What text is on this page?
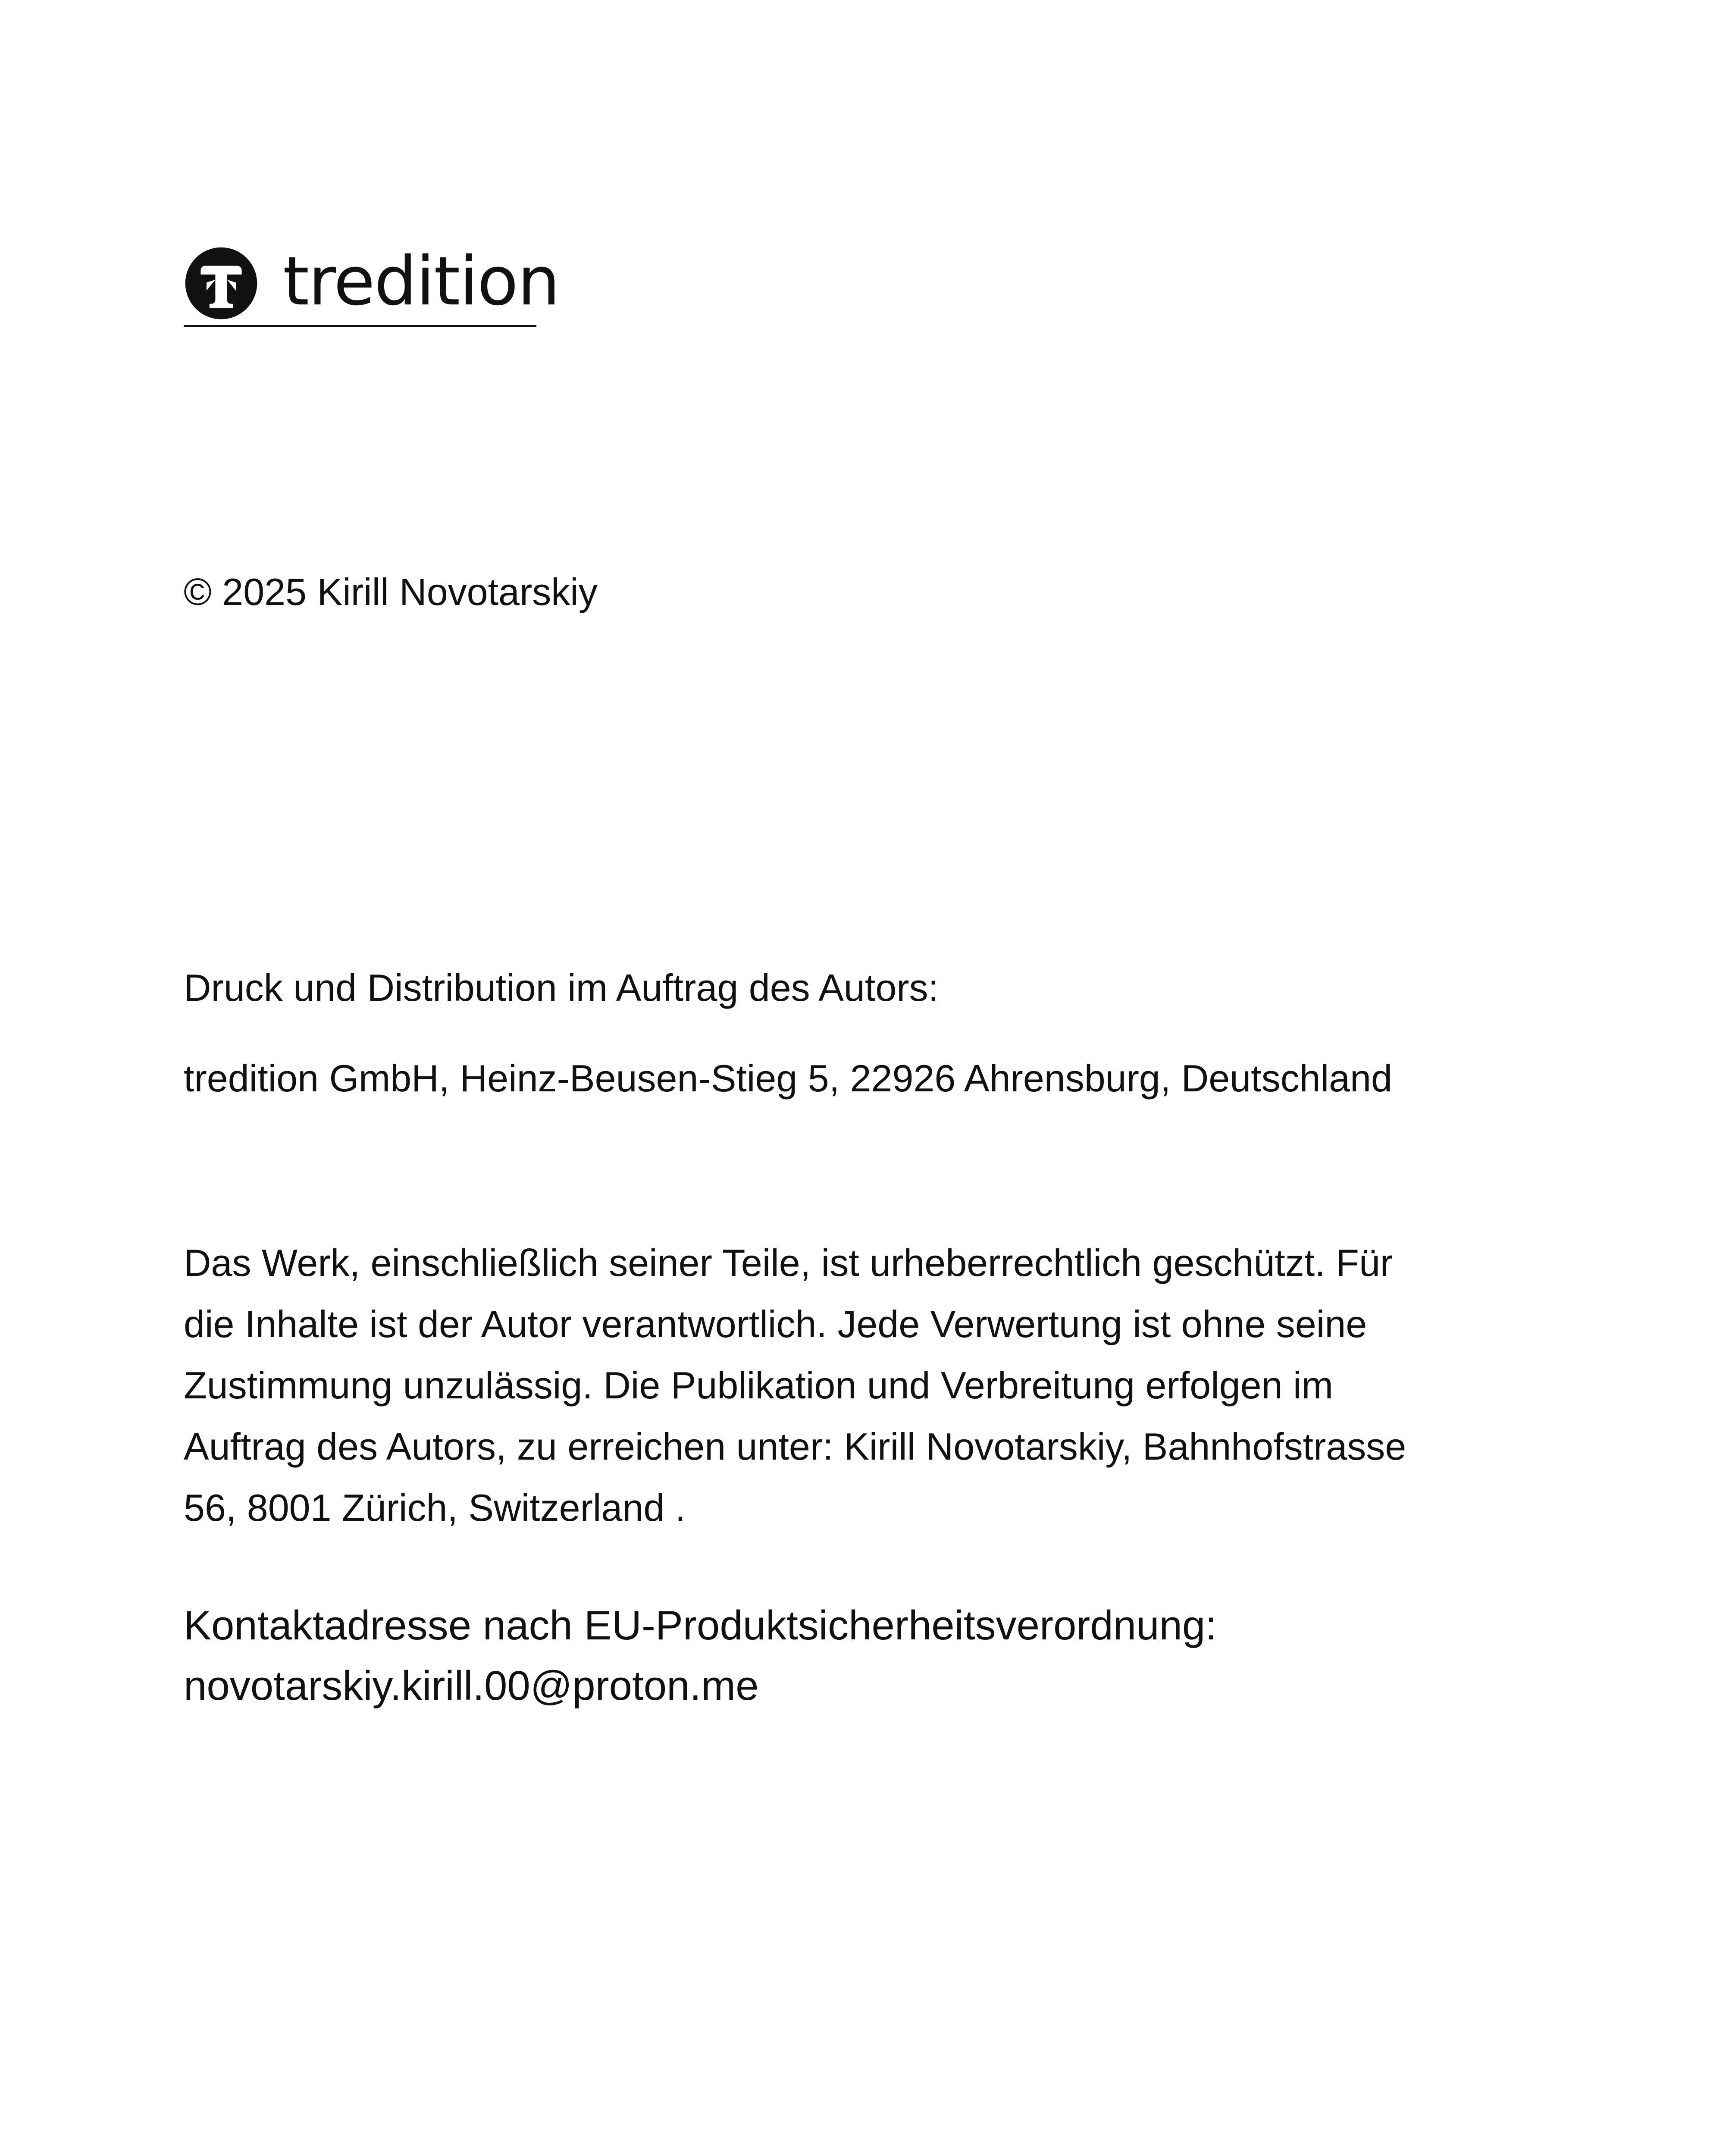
tredition
© 2025 Kirill Novotarskiy
Druck und Distribution im Auftrag des Autors:
tredition GmbH, Heinz-Beusen-Stieg 5, 22926 Ahrensburg, Deutschland
Das Werk, einschließlich seiner Teile, ist urheberrechtlich geschützt. Für
die Inhalte ist der Autor verantwortlich. Jede Verwertung ist ohne seine
Zustimmung unzulässig. Die Publikation und Verbreitung erfolgen im
Auftrag des Autors, zu erreichen unter: Kirill Novotarskiy, Bahnhofstrasse
56, 8001 Zürich, Switzerland .
Kontaktadresse nach EU-Produktsicherheitsverordnung:
novotarskiy.kirill.00@proton.me
